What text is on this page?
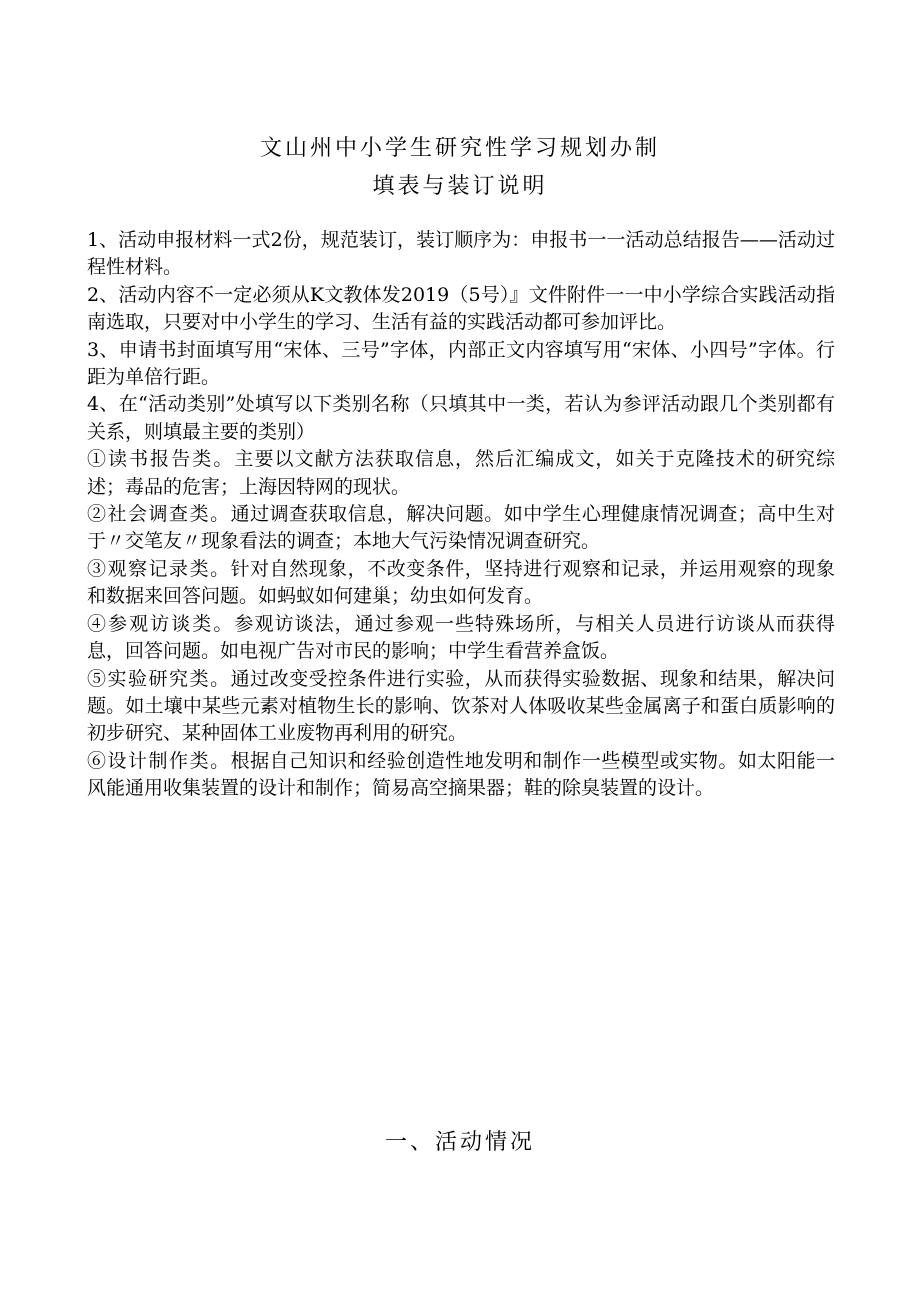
文山州中小学生研究性学习规划办制
填表与装订说明

1、活动申报材料一式2份，规范装订，装订顺序为：申报书一一活动总结报告——活动过程性材料。

2、活动内容不一定必须从K文教体发2019（5号）』文件附件一一中小学综合实践活动指南选取，只要对中小学生的学习、生活有益的实践活动都可参加评比。

3、申请书封面填写用“宋体、三号”字体，内部正文内容填写用“宋体、小四号”字体。行距为单倍行距。

4、在“活动类别”处填写以下类别名称（只填其中一类，若认为参评活动跟几个类别都有关系，则填最主要的类别）

①读书报告类。主要以文献方法获取信息，然后汇编成文，如关于克隆技术的研究综述；毒品的危害；上海因特网的现状。

②社会调查类。通过调查获取信息，解决问题。如中学生心理健康情况调查；高中生对于〃交笔友〃现象看法的调查；本地大气污染情况调查研究。

③观察记录类。针对自然现象，不改变条件，坚持进行观察和记录，并运用观察的现象和数据来回答问题。如蚂蚁如何建巢；幼虫如何发育。

④参观访谈类。参观访谈法，通过参观一些特殊场所，与相关人员进行访谈从而获得息，回答问题。如电视广告对市民的影响；中学生看营养盒饭。

⑤实验研究类。通过改变受控条件进行实验，从而获得实验数据、现象和结果，解决问题。如土壤中某些元素对植物生长的影响、饮茶对人体吸收某些金属离子和蛋白质影响的初步研究、某种固体工业废物再利用的研究。

⑥设计制作类。根据自己知识和经验创造性地发明和制作一些模型或实物。如太阳能一风能通用收集装置的设计和制作；简易高空摘果器；鞋的除臭装置的设计。

一、活动情况
